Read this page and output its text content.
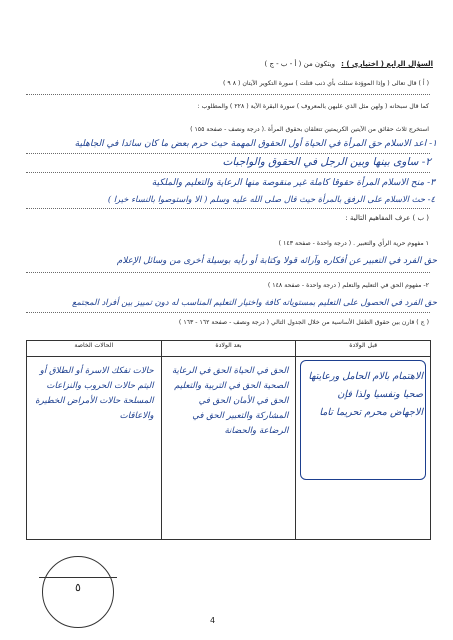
السؤال الرابع ( اختياري ) :
ويتكون من ( أ - ب - ج )
( أ ) قال تعالى ( وإذا الموؤدة سئلت بأي ذنب قتلت ) سورة التكوير الآيتان ( ٨ ٩ )
كما قال سبحانه ( ولهن مثل الذي عليهن بالمعروف ) سورة البقرة الآية ( ٢٢٨ ) والمطلوب :
استخرج ثلاث حقائق من الآيتين الكريمتين تتعلقان بحقوق المرأة .( درجة ونصف - صفحة ١٥٥ )
١- اعد الاسلام حق المرأة في الحياة أول الحقوق المهمة حيث حرم بعض ما كان سائدا في الجاهلية
٢- ساوى بينها وبين الرجل في الحقوق والواجبات
٣- منح الاسلام المرأة حقوقا كاملة غير منقوصة منها الرعاية والتعليم والملكية
٤- حث الاسلام على الرفق بالمرأة حيث قال صلى الله عليه وسلم ( الا واستوصوا بالنساء خيرا )
( ب ) عرف المفاهيم التالية :
١ مفهوم حرية الرأي والتعبير . ( درجة واحدة - صفحة ١٤٣ )
حق الفرد في التعبير عن أفكاره وآرائه قولا وكتابة أو رأيه بوسيلة أخرى من وسائل الإعلام
٢- مفهوم الحق في التعليم والتعلم ( درجة واحدة - صفحة ١٤٨ )
حق الفرد في الحصول على التعليم بمستوياته كافة واختيار التعليم المناسب له دون تمييز بين أفراد المجتمع
( ج ) قارن بين حقوق الطفل الأساسية من خلال الجدول التالي ( درجة ونصف - صفحة ١٦٢ - ١٦٣ )
قبل الولادة	بعد الولادة	الحالات الخاصة

الاهتمام بالام الحامل ورعايتها صحيا ونفسيا ولذا فإن الاجهاض محرم تحريما تاما	الحق في الحياة الحق في الرعاية الصحية الحق في التربية والتعليم الحق في الأمان الحق في المشاركة والتعبير الحق في الرضاعة والحضانة	حالات تفكك الاسرة أو الطلاق أو اليتم حالات الحروب والنزاعات المسلحة حالات الأمراض الخطيرة والاعاقات
٥
4
